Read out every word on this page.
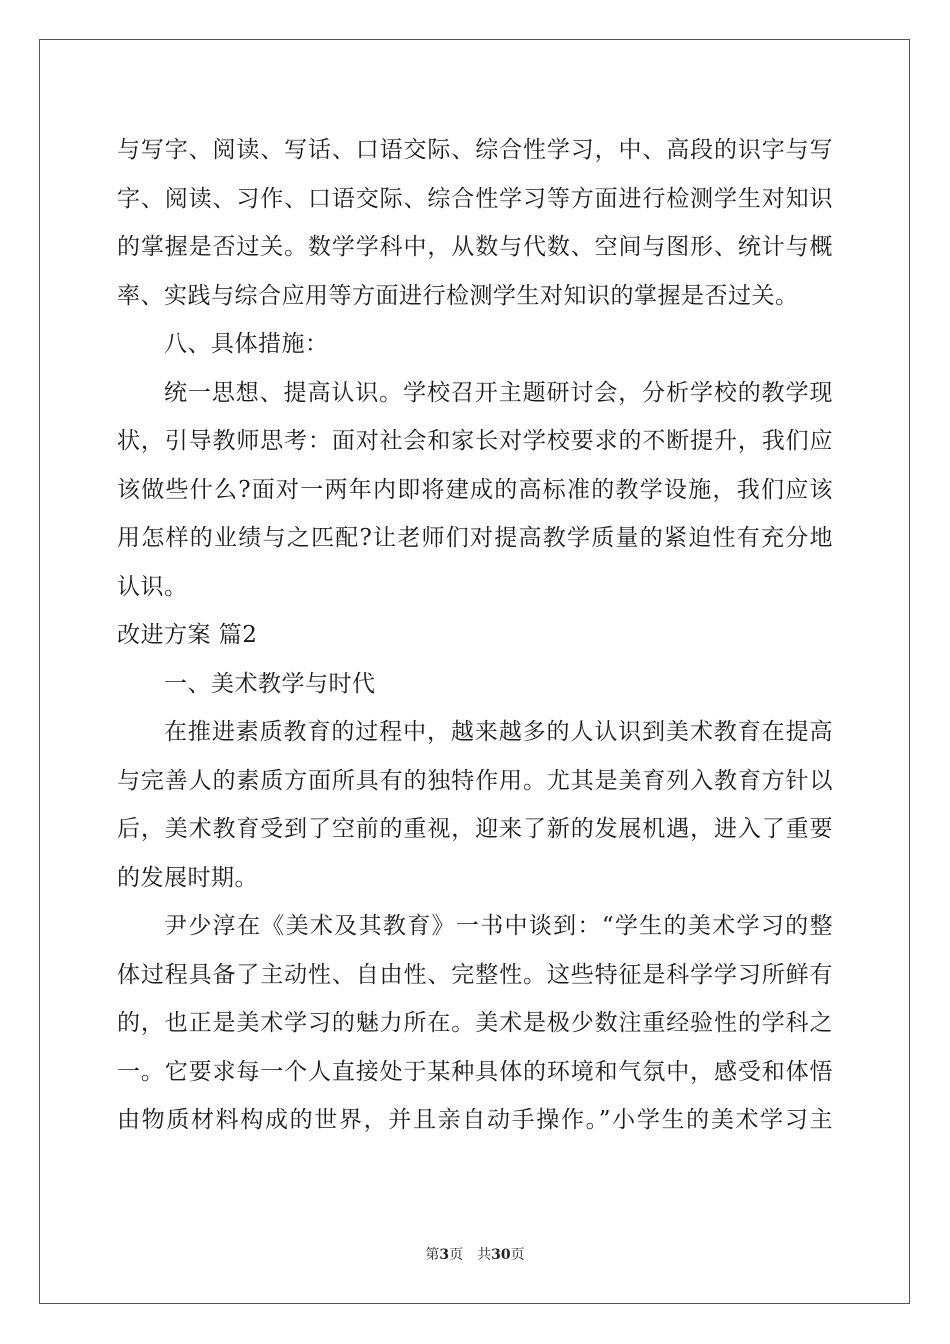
与写字、阅读、写话、口语交际、综合性学习，中、高段的识字与写
字、阅读、习作、口语交际、综合性学习等方面进行检测学生对知识
的掌握是否过关。数学学科中，从数与代数、空间与图形、统计与概
率、实践与综合应用等方面进行检测学生对知识的掌握是否过关。
八、具体措施：
统一思想、提高认识。学校召开主题研讨会，分析学校的教学现
状，引导教师思考：面对社会和家长对学校要求的不断提升，我们应
该做些什么?面对一两年内即将建成的高标准的教学设施，我们应该
用怎样的业绩与之匹配?让老师们对提高教学质量的紧迫性有充分地
认识。
改进方案 篇2
一、美术教学与时代
在推进素质教育的过程中，越来越多的人认识到美术教育在提高
与完善人的素质方面所具有的独特作用。尤其是美育列入教育方针以
后，美术教育受到了空前的重视，迎来了新的发展机遇，进入了重要
的发展时期。
尹少淳在《美术及其教育》一书中谈到：“学生的美术学习的整
体过程具备了主动性、自由性、完整性。这些特征是科学学习所鲜有
的，也正是美术学习的魅力所在。美术是极少数注重经验性的学科之
一。它要求每一个人直接处于某种具体的环境和气氛中，感受和体悟
由物质材料构成的世界，并且亲自动手操作。”小学生的美术学习主
第3页 共30页
